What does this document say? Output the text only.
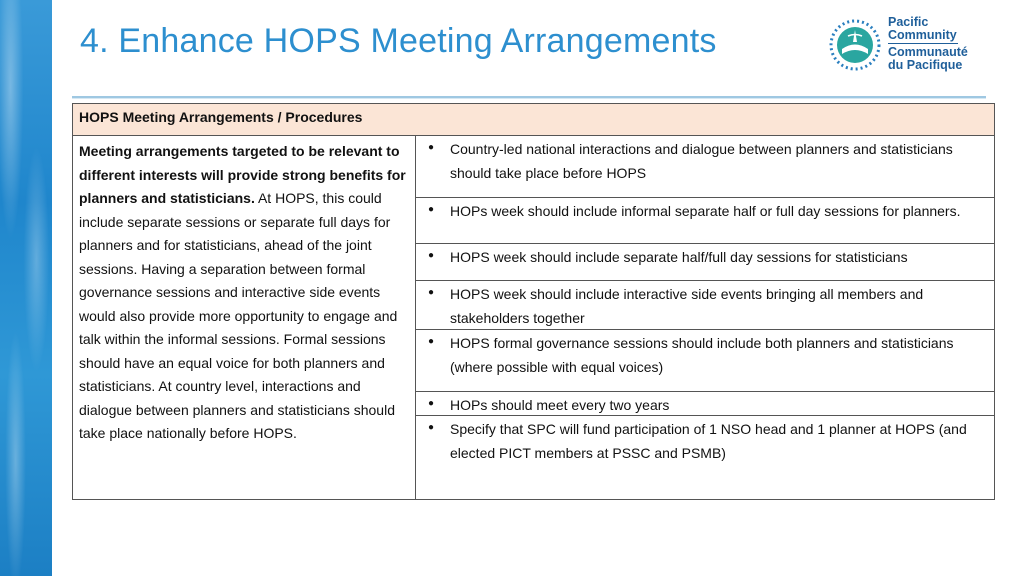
4. Enhance HOPS Meeting Arrangements	Pacific
Community
Communauté
du Pacifique
HOPS Meeting Arrangements / Procedures
Meeting arrangements targeted to be relevant to different interests will provide strong benefits for planners and statisticians. At HOPS, this could include separate sessions or separate full days for planners and for statisticians, ahead of the joint sessions. Having a separation between formal governance sessions and interactive side events would also provide more opportunity to engage and talk within the informal sessions. Formal sessions should have an equal voice for both planners and statisticians. At country level, interactions and dialogue between planners and statisticians should take place nationally before HOPS.	
●	Country-led national interactions and dialogue between planners and statisticians should take place before HOPS
●	HOPs week should include informal separate half or full day sessions for planners.
●	HOPS week should include separate half/full day sessions for statisticians
●	HOPS week should include interactive side events bringing all members and stakeholders together
●	HOPS formal governance sessions should include both planners and statisticians (where possible with equal voices)
●	HOPs should meet every two years
●	Specify that SPC will fund participation of 1 NSO head and 1 planner at HOPS (and elected PICT members at PSSC and PSMB)
